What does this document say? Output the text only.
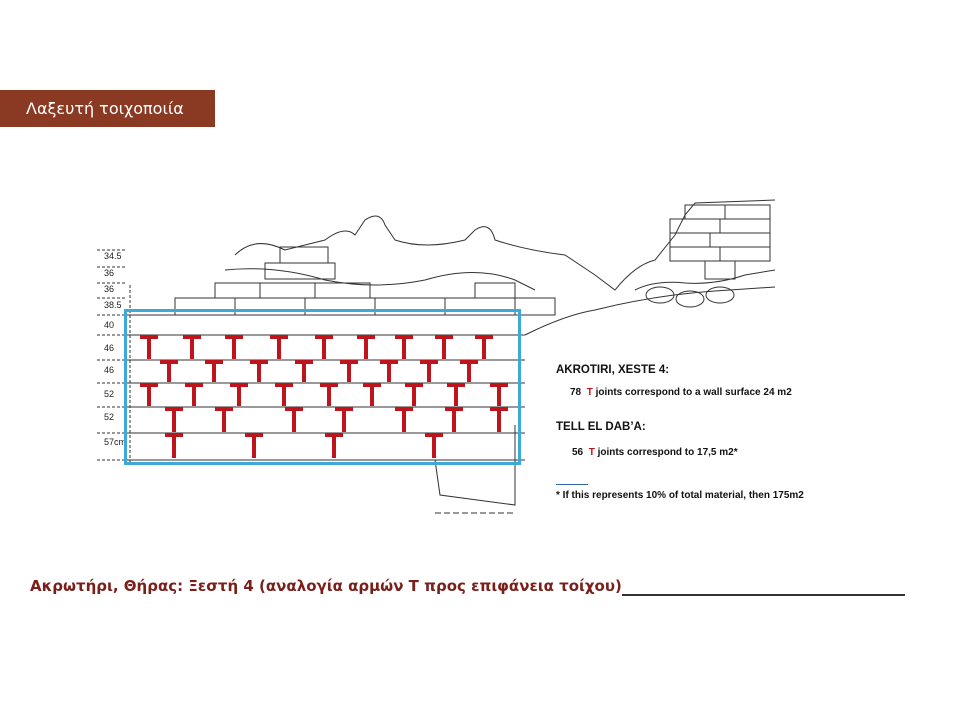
Λαξευτή τοιχοποιία
34.5
36
36
38.5
40
46
46
52
52
57cm
AKROTIRI, XESTE 4:
78 T joints correspond to a wall surface 24 m2
TELL EL DAB’A:
56 T joints correspond to 17,5 m2*
* If this represents 10% of total material, then 175m2
Ακρωτήρι, Θήρας: Ξεστή 4 (αναλογία αρμών Τ προς επιφάνεια τοίχου)
